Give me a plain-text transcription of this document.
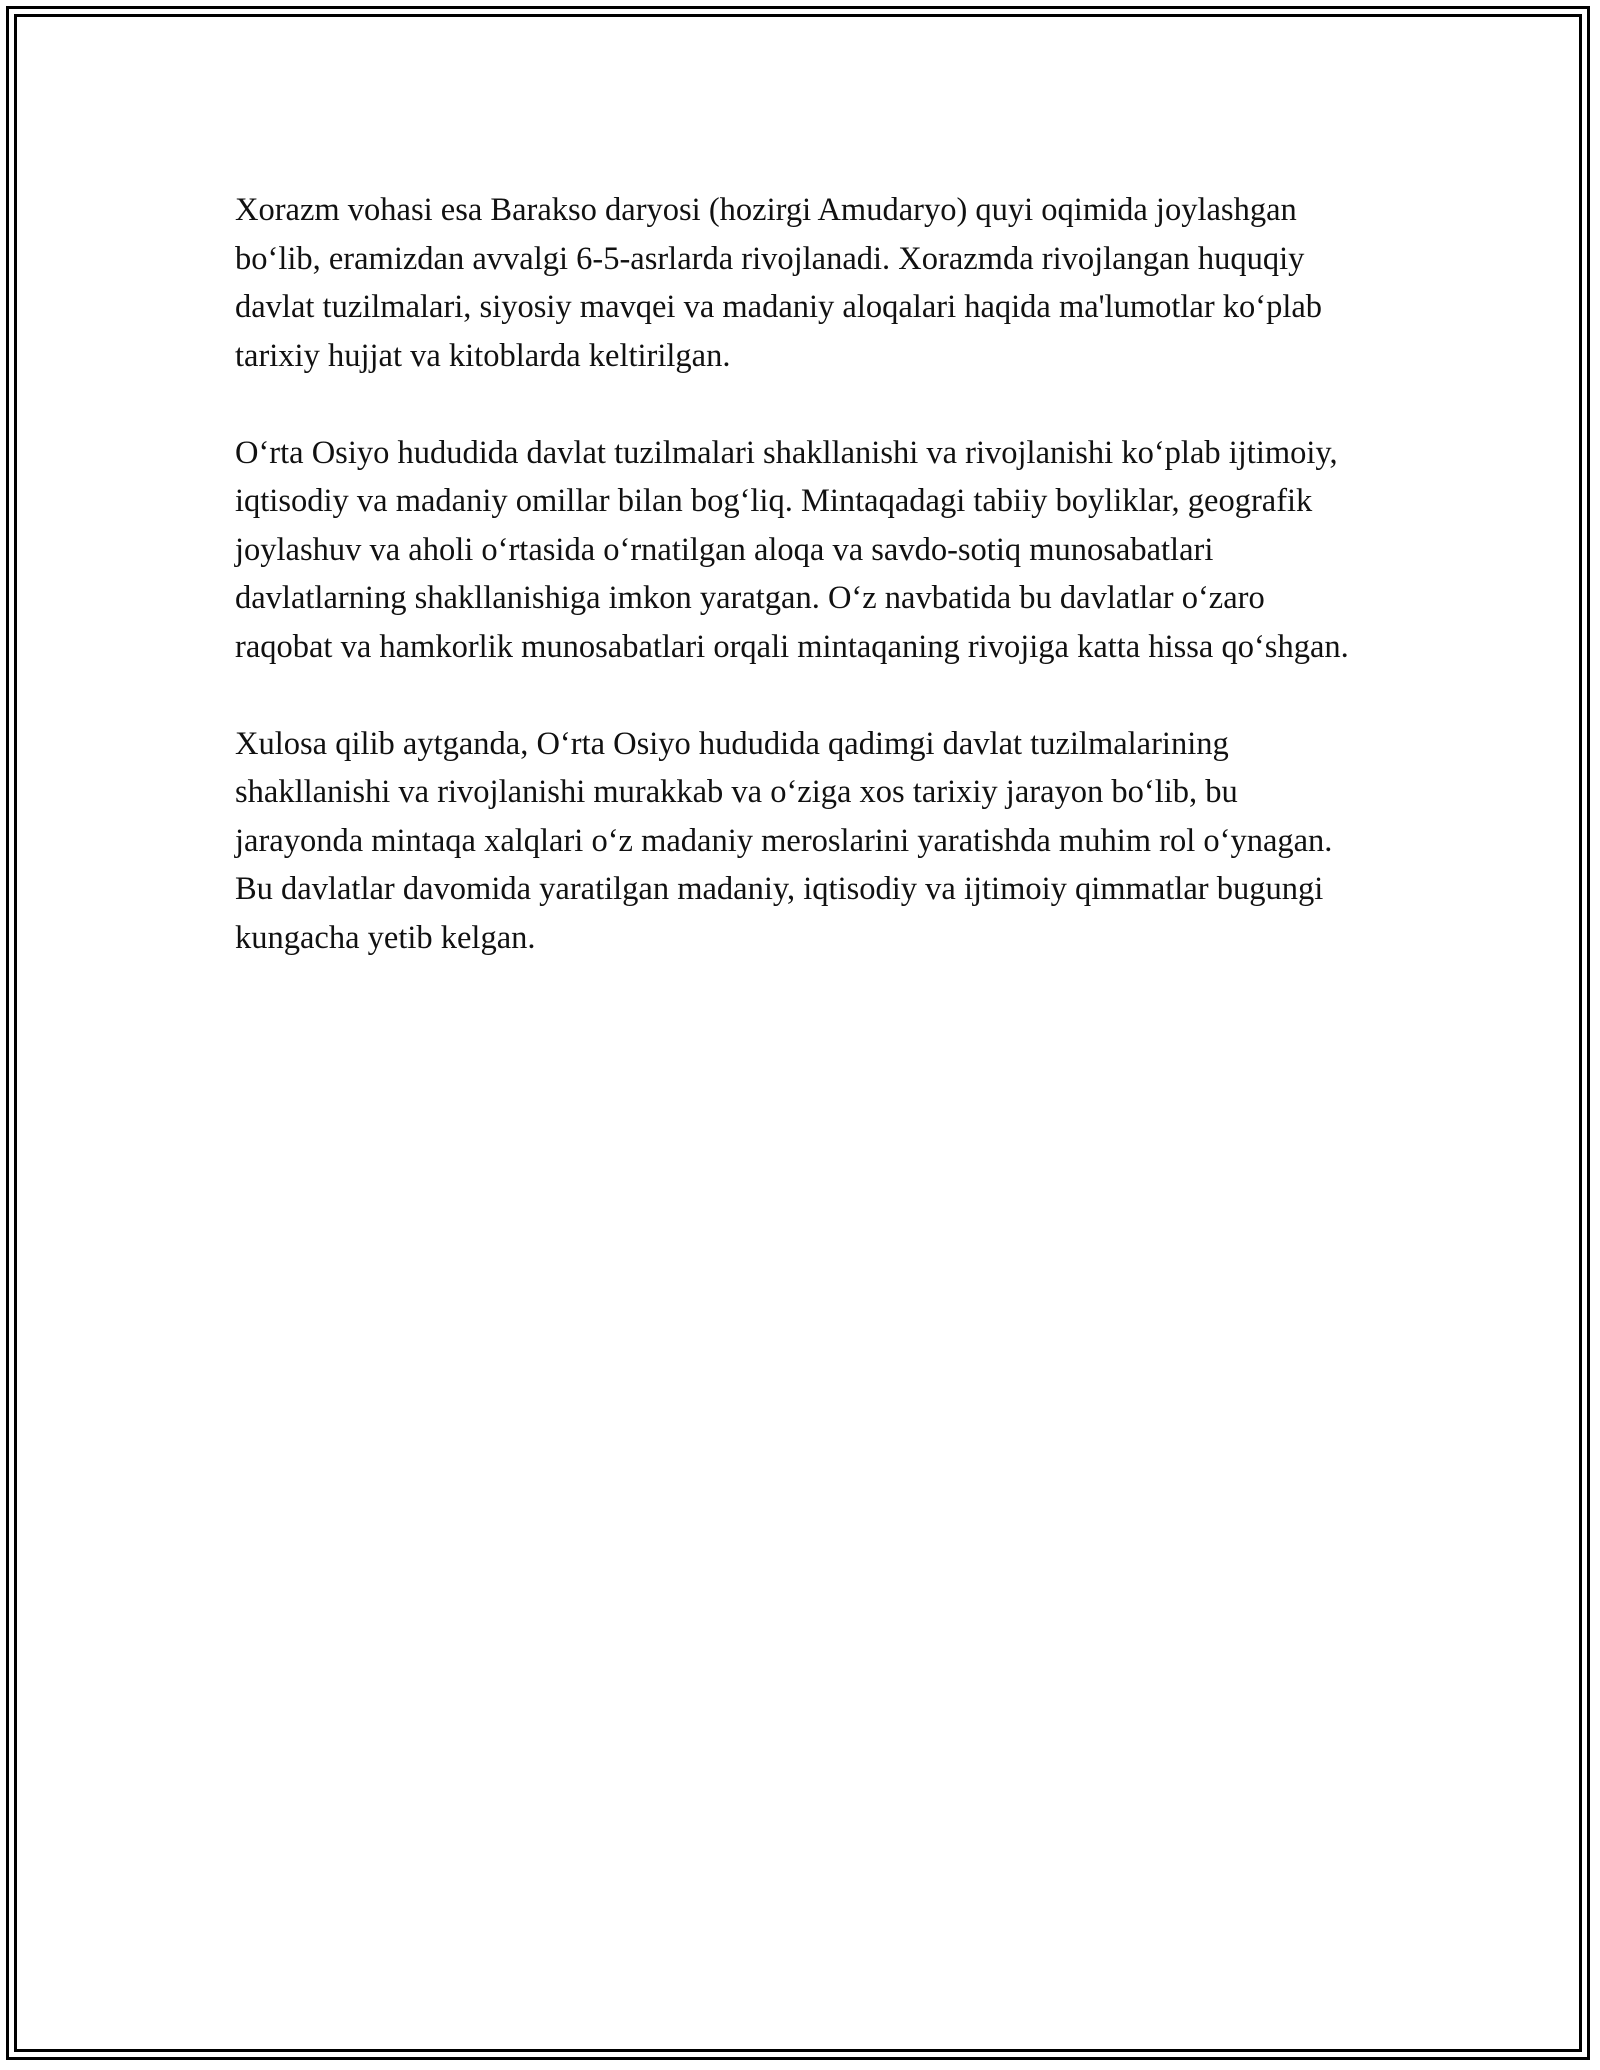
Xorazm vohasi esa Barakso daryosi (hozirgi Amudaryo) quyi oqimida joylashgan bo‘lib, eramizdan avvalgi 6-5-asrlarda rivojlanadi. Xorazmda rivojlangan huquqiy davlat tuzilmalari, siyosiy mavqei va madaniy aloqalari haqida ma'lumotlar ko‘plab tarixiy hujjat va kitoblarda keltirilgan.

O‘rta Osiyo hududida davlat tuzilmalari shakllanishi va rivojlanishi ko‘plab ijtimoiy, iqtisodiy va madaniy omillar bilan bog‘liq. Mintaqadagi tabiiy boyliklar, geografik joylashuv va aholi o‘rtasida o‘rnatilgan aloqa va savdo-sotiq munosabatlari davlatlarning shakllanishiga imkon yaratgan. O‘z navbatida bu davlatlar o‘zaro raqobat va hamkorlik munosabatlari orqali mintaqaning rivojiga katta hissa qo‘shgan.

Xulosa qilib aytganda, O‘rta Osiyo hududida qadimgi davlat tuzilmalarining shakllanishi va rivojlanishi murakkab va o‘ziga xos tarixiy jarayon bo‘lib, bu jarayonda mintaqa xalqlari o‘z madaniy meroslarini yaratishda muhim rol o‘ynagan. Bu davlatlar davomida yaratilgan madaniy, iqtisodiy va ijtimoiy qimmatlar bugungi kungacha yetib kelgan.
